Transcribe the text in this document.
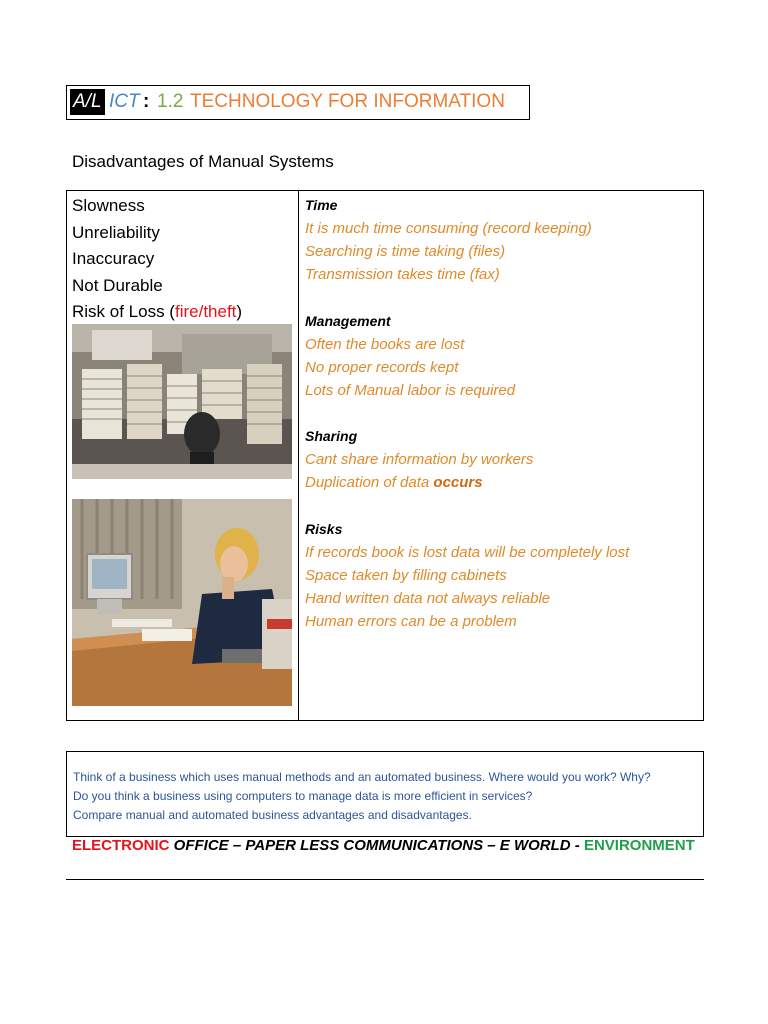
A/L ICT : 1.2 TECHNOLOGY FOR INFORMATION
Disadvantages of Manual Systems
Slowness
Unreliability
Inaccuracy
Not Durable
Risk of Loss (fire/theft)
Time
It is much time consuming (record keeping)
Searching is time taking (files)
Transmission takes time (fax)
Management
Often the books are lost
No proper records kept
Lots of Manual labor is required
Sharing
Cant share information by workers
Duplication of data occurs
Risks
If records book is lost data will be completely lost
Space taken by filling cabinets
Hand written data not always reliable
Human errors can be a problem
Think of a business which uses manual methods and an automated business. Where would you work? Why?
Do you think a business using computers to manage data is more efficient in services?
Compare manual and automated business advantages and disadvantages.
ELECTRONIC OFFICE – PAPER LESS COMMUNICATIONS – E WORLD - ENVIRONMENT
